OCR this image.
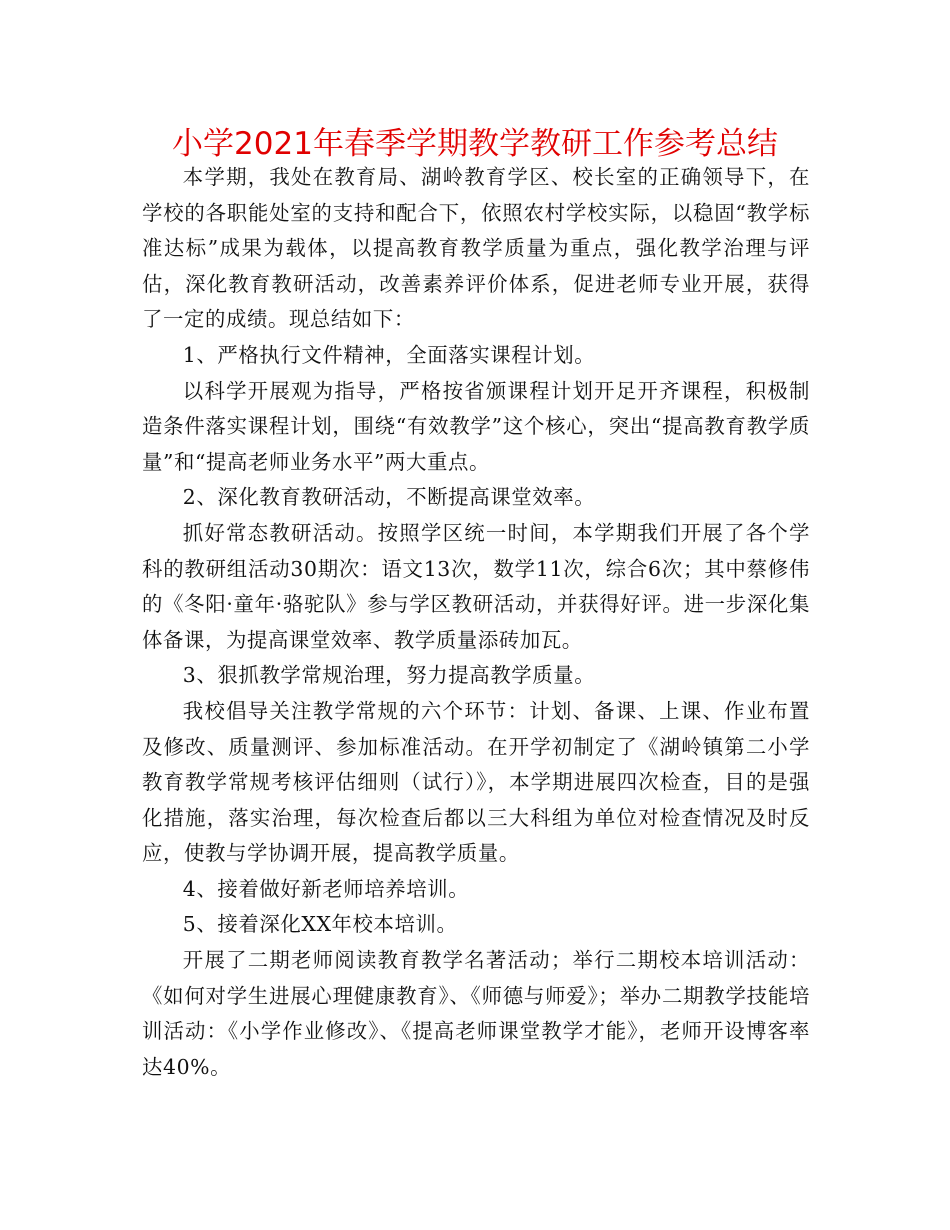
小学2021年春季学期教学教研工作参考总结

本学期，我处在教育局、湖岭教育学区、校长室的正确领导下，在学校的各职能处室的支持和配合下，依照农村学校实际，以稳固“教学标准达标”成果为载体，以提高教育教学质量为重点，强化教学治理与评估，深化教育教研活动，改善素养评价体系，促进老师专业开展，获得了一定的成绩。现总结如下：

1、严格执行文件精神，全面落实课程计划。

以科学开展观为指导，严格按省颁课程计划开足开齐课程，积极制造条件落实课程计划，围绕“有效教学”这个核心，突出“提高教育教学质量”和“提高老师业务水平”两大重点。

2、深化教育教研活动，不断提高课堂效率。

抓好常态教研活动。按照学区统一时间，本学期我们开展了各个学科的教研组活动30期次：语文13次，数学11次，综合6次；其中蔡修伟的《冬阳·童年·骆驼队》参与学区教研活动，并获得好评。进一步深化集体备课，为提高课堂效率、教学质量添砖加瓦。

3、狠抓教学常规治理，努力提高教学质量。

我校倡导关注教学常规的六个环节：计划、备课、上课、作业布置及修改、质量测评、参加标准活动。在开学初制定了《湖岭镇第二小学教育教学常规考核评估细则（试行）》，本学期进展四次检查，目的是强化措施，落实治理，每次检查后都以三大科组为单位对检查情况及时反应，使教与学协调开展，提高教学质量。

4、接着做好新老师培养培训。

5、接着深化XX年校本培训。

开展了二期老师阅读教育教学名著活动；举行二期校本培训活动：《如何对学生进展心理健康教育》、《师德与师爱》；举办二期教学技能培训活动：《小学作业修改》、《提高老师课堂教学才能》，老师开设博客率达40%。
